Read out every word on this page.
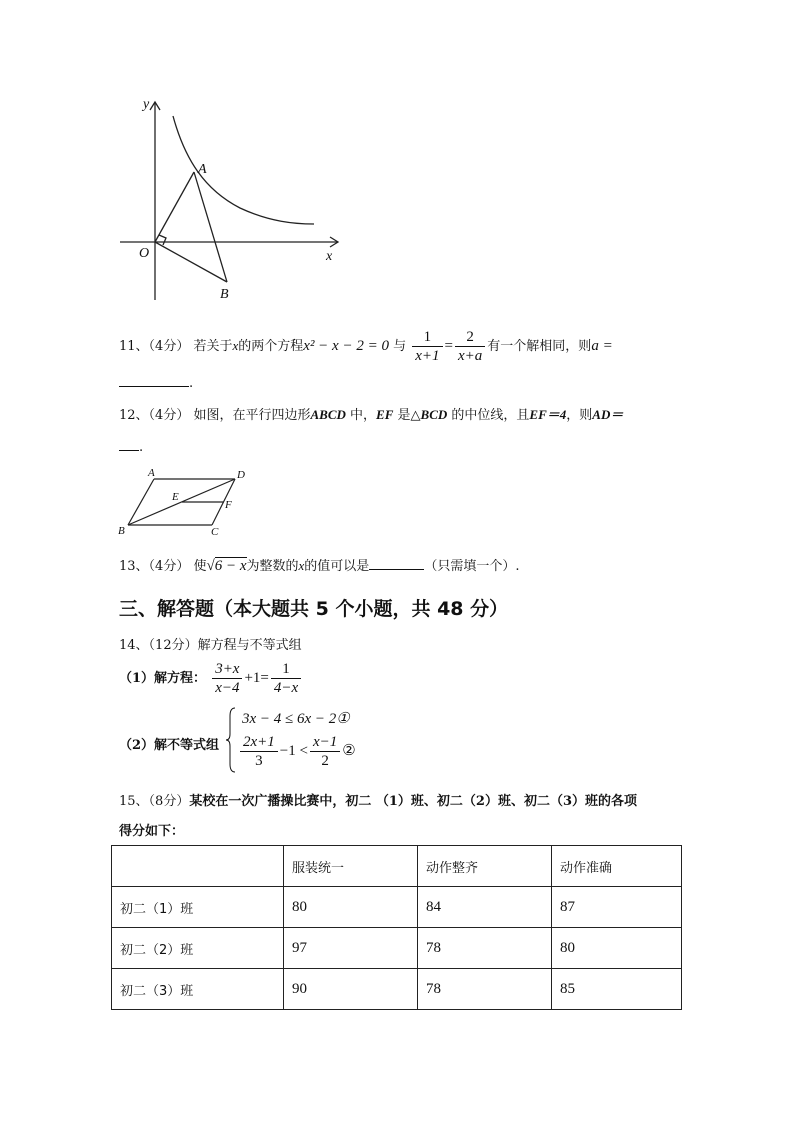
y
x
O
A
B
11、（4分） 若关于x的两个方程x² − x − 2 = 0 与 $\frac{1}{x+1} = \frac{2}{x+a}$ 有一个解相同，则a =
.
12、（4分） 如图，在平行四边形ABCD 中，EF 是△BCD 的中位线，且EF＝4，则AD＝
.
A	D
E
F
B	C
13、（4分） 使√6 − x为整数的x的值可以是	（只需填一个）.
三、解答题（本大题共 5 个小题，共 48 分）
14、（12分）解方程与不等式组
（1）解方程： $\frac{3+x}{x-4} +1= \frac{1}{4-x}$
（2）解不等式组
3x − 4 ≤ 6x − 2①
$\frac{2x+1}{3} -1 < \frac{x-1}{2}$ ②
15、（8分）某校在一次广播操比赛中，初二 （1）班、初二（2）班、初二（3）班的各项
得分如下：
	服装统一	动作整齐	动作准确
初二（1）班	80	84	87
初二（2）班	97	78	80
初二（3）班	90	78	85
